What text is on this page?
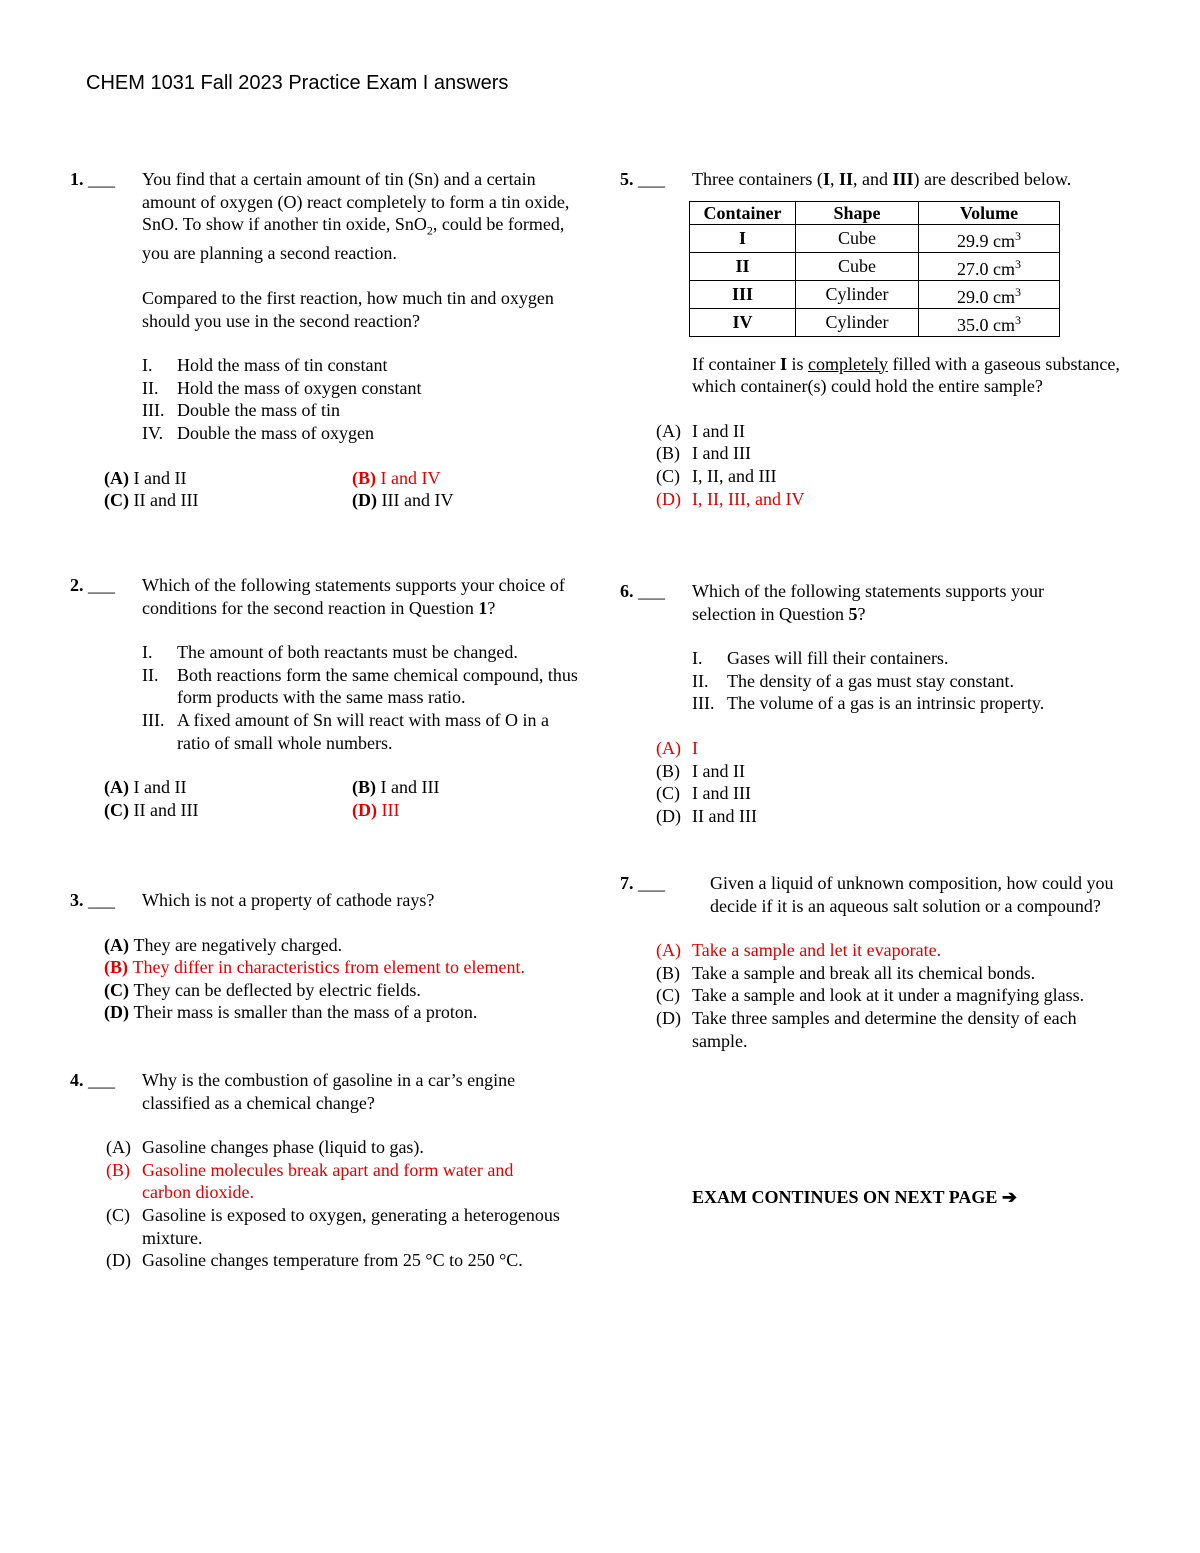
CHEM 1031 Fall 2023 Practice Exam I answers
1. ___ You find that a certain amount of tin (Sn) and a certain amount of oxygen (O) react completely to form a tin oxide, SnO. To show if another tin oxide, SnO$_2$, could be formed, you are planning a second reaction.

Compared to the first reaction, how much tin and oxygen should you use in the second reaction?

I.	Hold the mass of tin constant
II.	Hold the mass of oxygen constant
III. Double the mass of tin
IV. Double the mass of oxygen
(A) I and II	(B) I and IV
(C) II and III	(D) III and IV
2. ___ Which of the following statements supports your choice of conditions for the second reaction in Question 1?

I.	The amount of both reactants must be changed.
II.	Both reactions form the same chemical compound, thus form products with the same mass ratio.
III. A fixed amount of Sn will react with mass of O in a ratio of small whole numbers.
(A) I and II	(B) I and III
(C) II and III	(D) III
3. ___ Which is not a property of cathode rays?

(A) They are negatively charged.
(B) They differ in characteristics from element to element.
(C) They can be deflected by electric fields.
(D) Their mass is smaller than the mass of a proton.
4. ___ Why is the combustion of gasoline in a car’s engine classified as a chemical change?

(A) Gasoline changes phase (liquid to gas).
(B) Gasoline molecules break apart and form water and carbon dioxide.
(C) Gasoline is exposed to oxygen, generating a heterogenous mixture.
(D) Gasoline changes temperature from 25 °C to 250 °C.
5. ___ Three containers (I, II, and III) are described below.

Container	Shape	Volume
I	Cube	29.9 $cm^3$
II	Cube	27.0 $cm^3$
III	Cylinder	29.0 $cm^3$
IV	Cylinder	35.0 $cm^3$

If container I is completely filled with a gaseous substance, which container(s) could hold the entire sample?

(A) I and II
(B) I and III
(C) I, II, and III
(D) I, II, III, and IV
6. ___ Which of the following statements supports your selection in Question 5?

I.	Gases will fill their containers.
II.	The density of a gas must stay constant.
III. The volume of a gas is an intrinsic property.
(A) I
(B) I and II
(C) I and III
(D) II and III
7. ___	Given a liquid of unknown composition, how could you decide if it is an aqueous salt solution or a compound?

(A) Take a sample and let it evaporate.
(B) Take a sample and break all its chemical bonds.
(C) Take a sample and look at it under a magnifying glass.
(D) Take three samples and determine the density of each sample.
EXAM CONTINUES ON NEXT PAGE ➔
